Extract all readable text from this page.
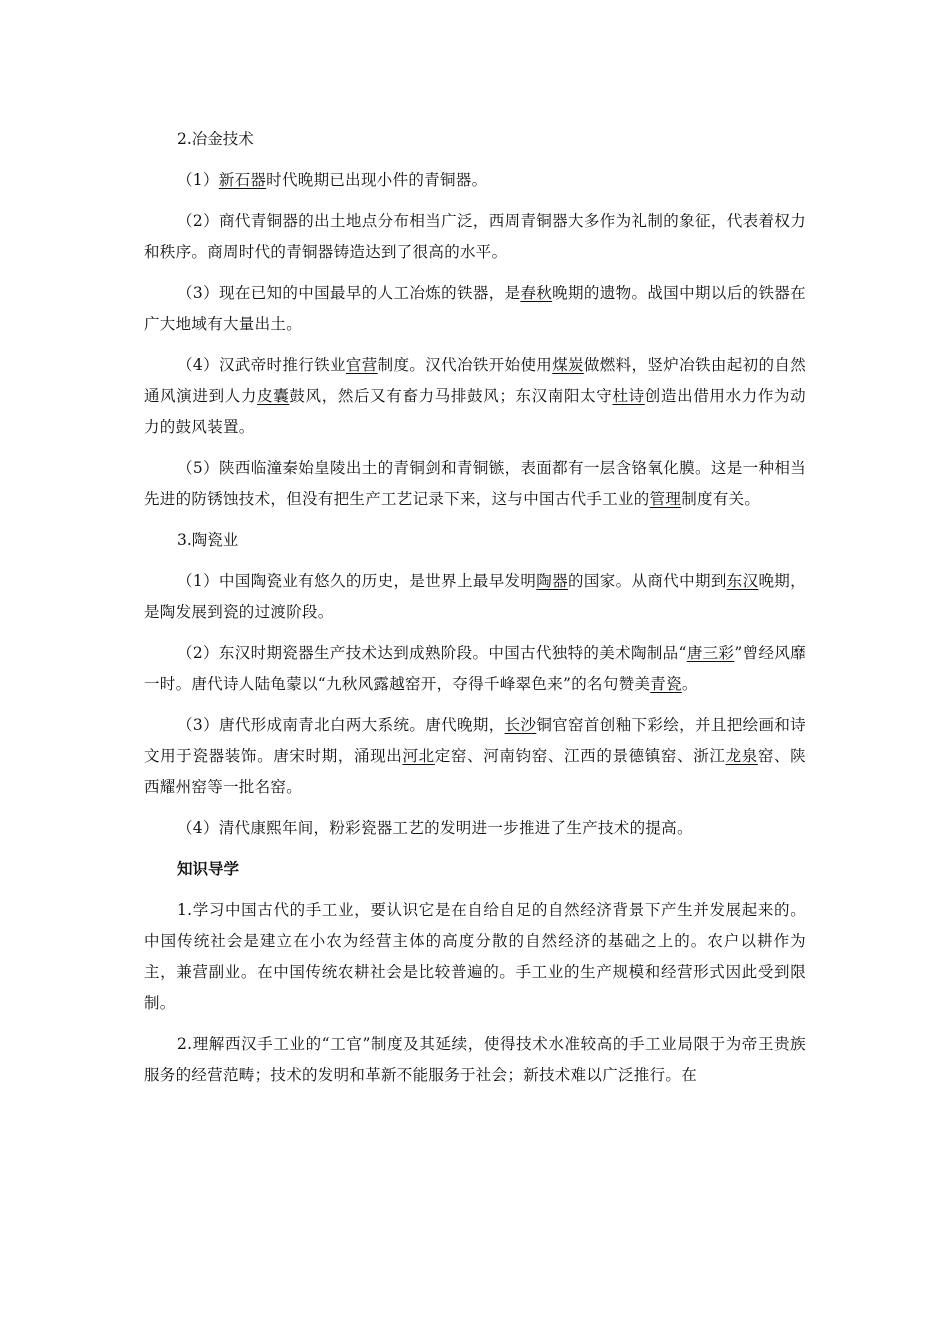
2.冶金技术
（1）新石器时代晚期已出现小件的青铜器。
（2）商代青铜器的出土地点分布相当广泛，西周青铜器大多作为礼制的象征，代表着权力和秩序。商周时代的青铜器铸造达到了很高的水平。
（3）现在已知的中国最早的人工冶炼的铁器，是春秋晚期的遗物。战国中期以后的铁器在广大地域有大量出土。
（4）汉武帝时推行铁业官营制度。汉代冶铁开始使用煤炭做燃料，竖炉冶铁由起初的自然通风演进到人力皮囊鼓风，然后又有畜力马排鼓风；东汉南阳太守杜诗创造出借用水力作为动力的鼓风装置。
（5）陕西临潼秦始皇陵出土的青铜剑和青铜镞，表面都有一层含铬氧化膜。这是一种相当先进的防锈蚀技术，但没有把生产工艺记录下来，这与中国古代手工业的管理制度有关。
3.陶瓷业
（1）中国陶瓷业有悠久的历史，是世界上最早发明陶器的国家。从商代中期到东汉晚期，是陶发展到瓷的过渡阶段。
（2）东汉时期瓷器生产技术达到成熟阶段。中国古代独特的美术陶制品“唐三彩”曾经风靡一时。唐代诗人陆龟蒙以“九秋风露越窑开，夺得千峰翠色来”的名句赞美青瓷。
（3）唐代形成南青北白两大系统。唐代晚期，长沙铜官窑首创釉下彩绘，并且把绘画和诗文用于瓷器装饰。唐宋时期，涌现出河北定窑、河南钧窑、江西的景德镇窑、浙江龙泉窑、陕西耀州窑等一批名窑。
（4）清代康熙年间，粉彩瓷器工艺的发明进一步推进了生产技术的提高。
知识导学
1.学习中国古代的手工业，要认识它是在自给自足的自然经济背景下产生并发展起来的。中国传统社会是建立在小农为经营主体的高度分散的自然经济的基础之上的。农户以耕作为主，兼营副业。在中国传统农耕社会是比较普遍的。手工业的生产规模和经营形式因此受到限制。
2.理解西汉手工业的“工官”制度及其延续，使得技术水准较高的手工业局限于为帝王贵族服务的经营范畴；技术的发明和革新不能服务于社会；新技术难以广泛推行。在
